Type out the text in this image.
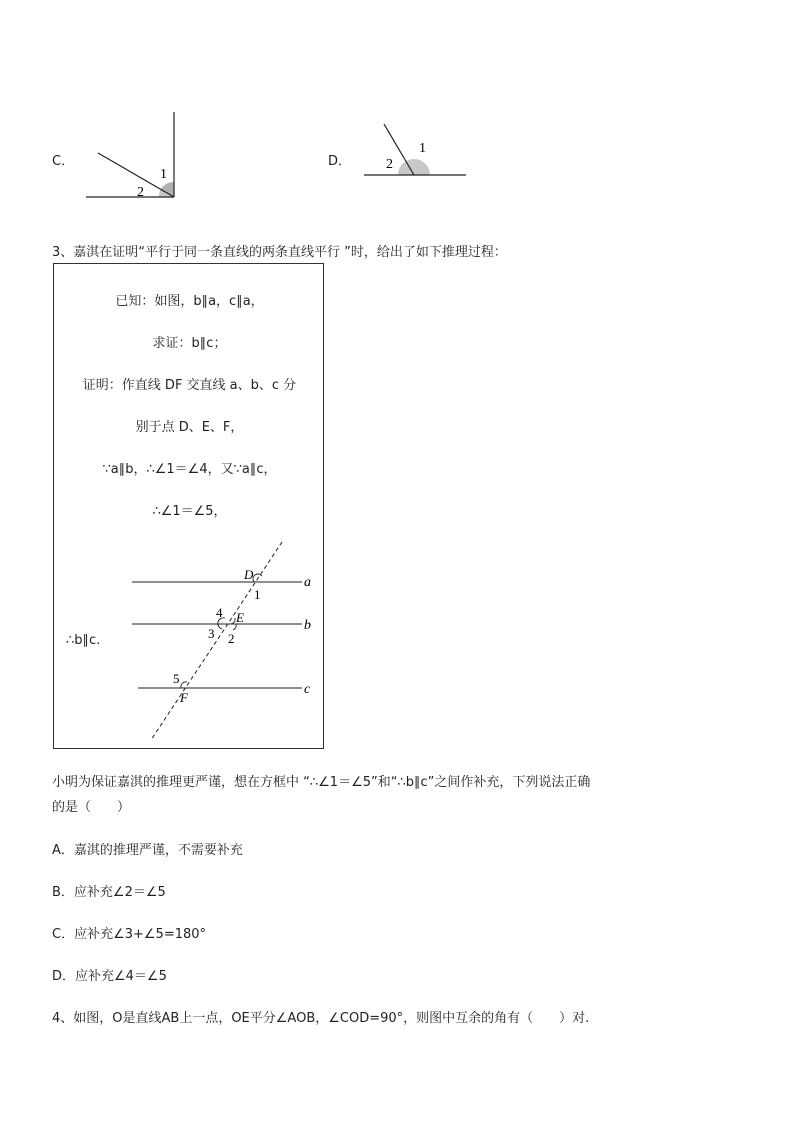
C．
1
2
D．
1
2
3、嘉淇在证明“平行于同一条直线的两条直线平行 ”时，给出了如下推理过程：
已知：如图，b∥a，c∥a，
求证：b∥c；
证明：作直线 DF 交直线 a、b、c 分
别于点 D、E、F，
∵a∥b，∴∠1＝∠4，又∵a∥c，
∴∠1＝∠5，
∴b∥c.
a
b
c
D
1
4 E
3 2
5
F
小明为保证嘉淇的推理更严谨，想在方框中 “∴∠1＝∠5”和“∴b∥c”之间作补充，下列说法正确
的是（　　）
A．嘉淇的推理严谨，不需要补充
B．应补充∠2＝∠5
C．应补充∠3+∠5=180°
D．应补充∠4＝∠5
4、如图，O是直线AB上一点，OE平分∠AOB，∠COD=90°，则图中互余的角有（　　）对.
